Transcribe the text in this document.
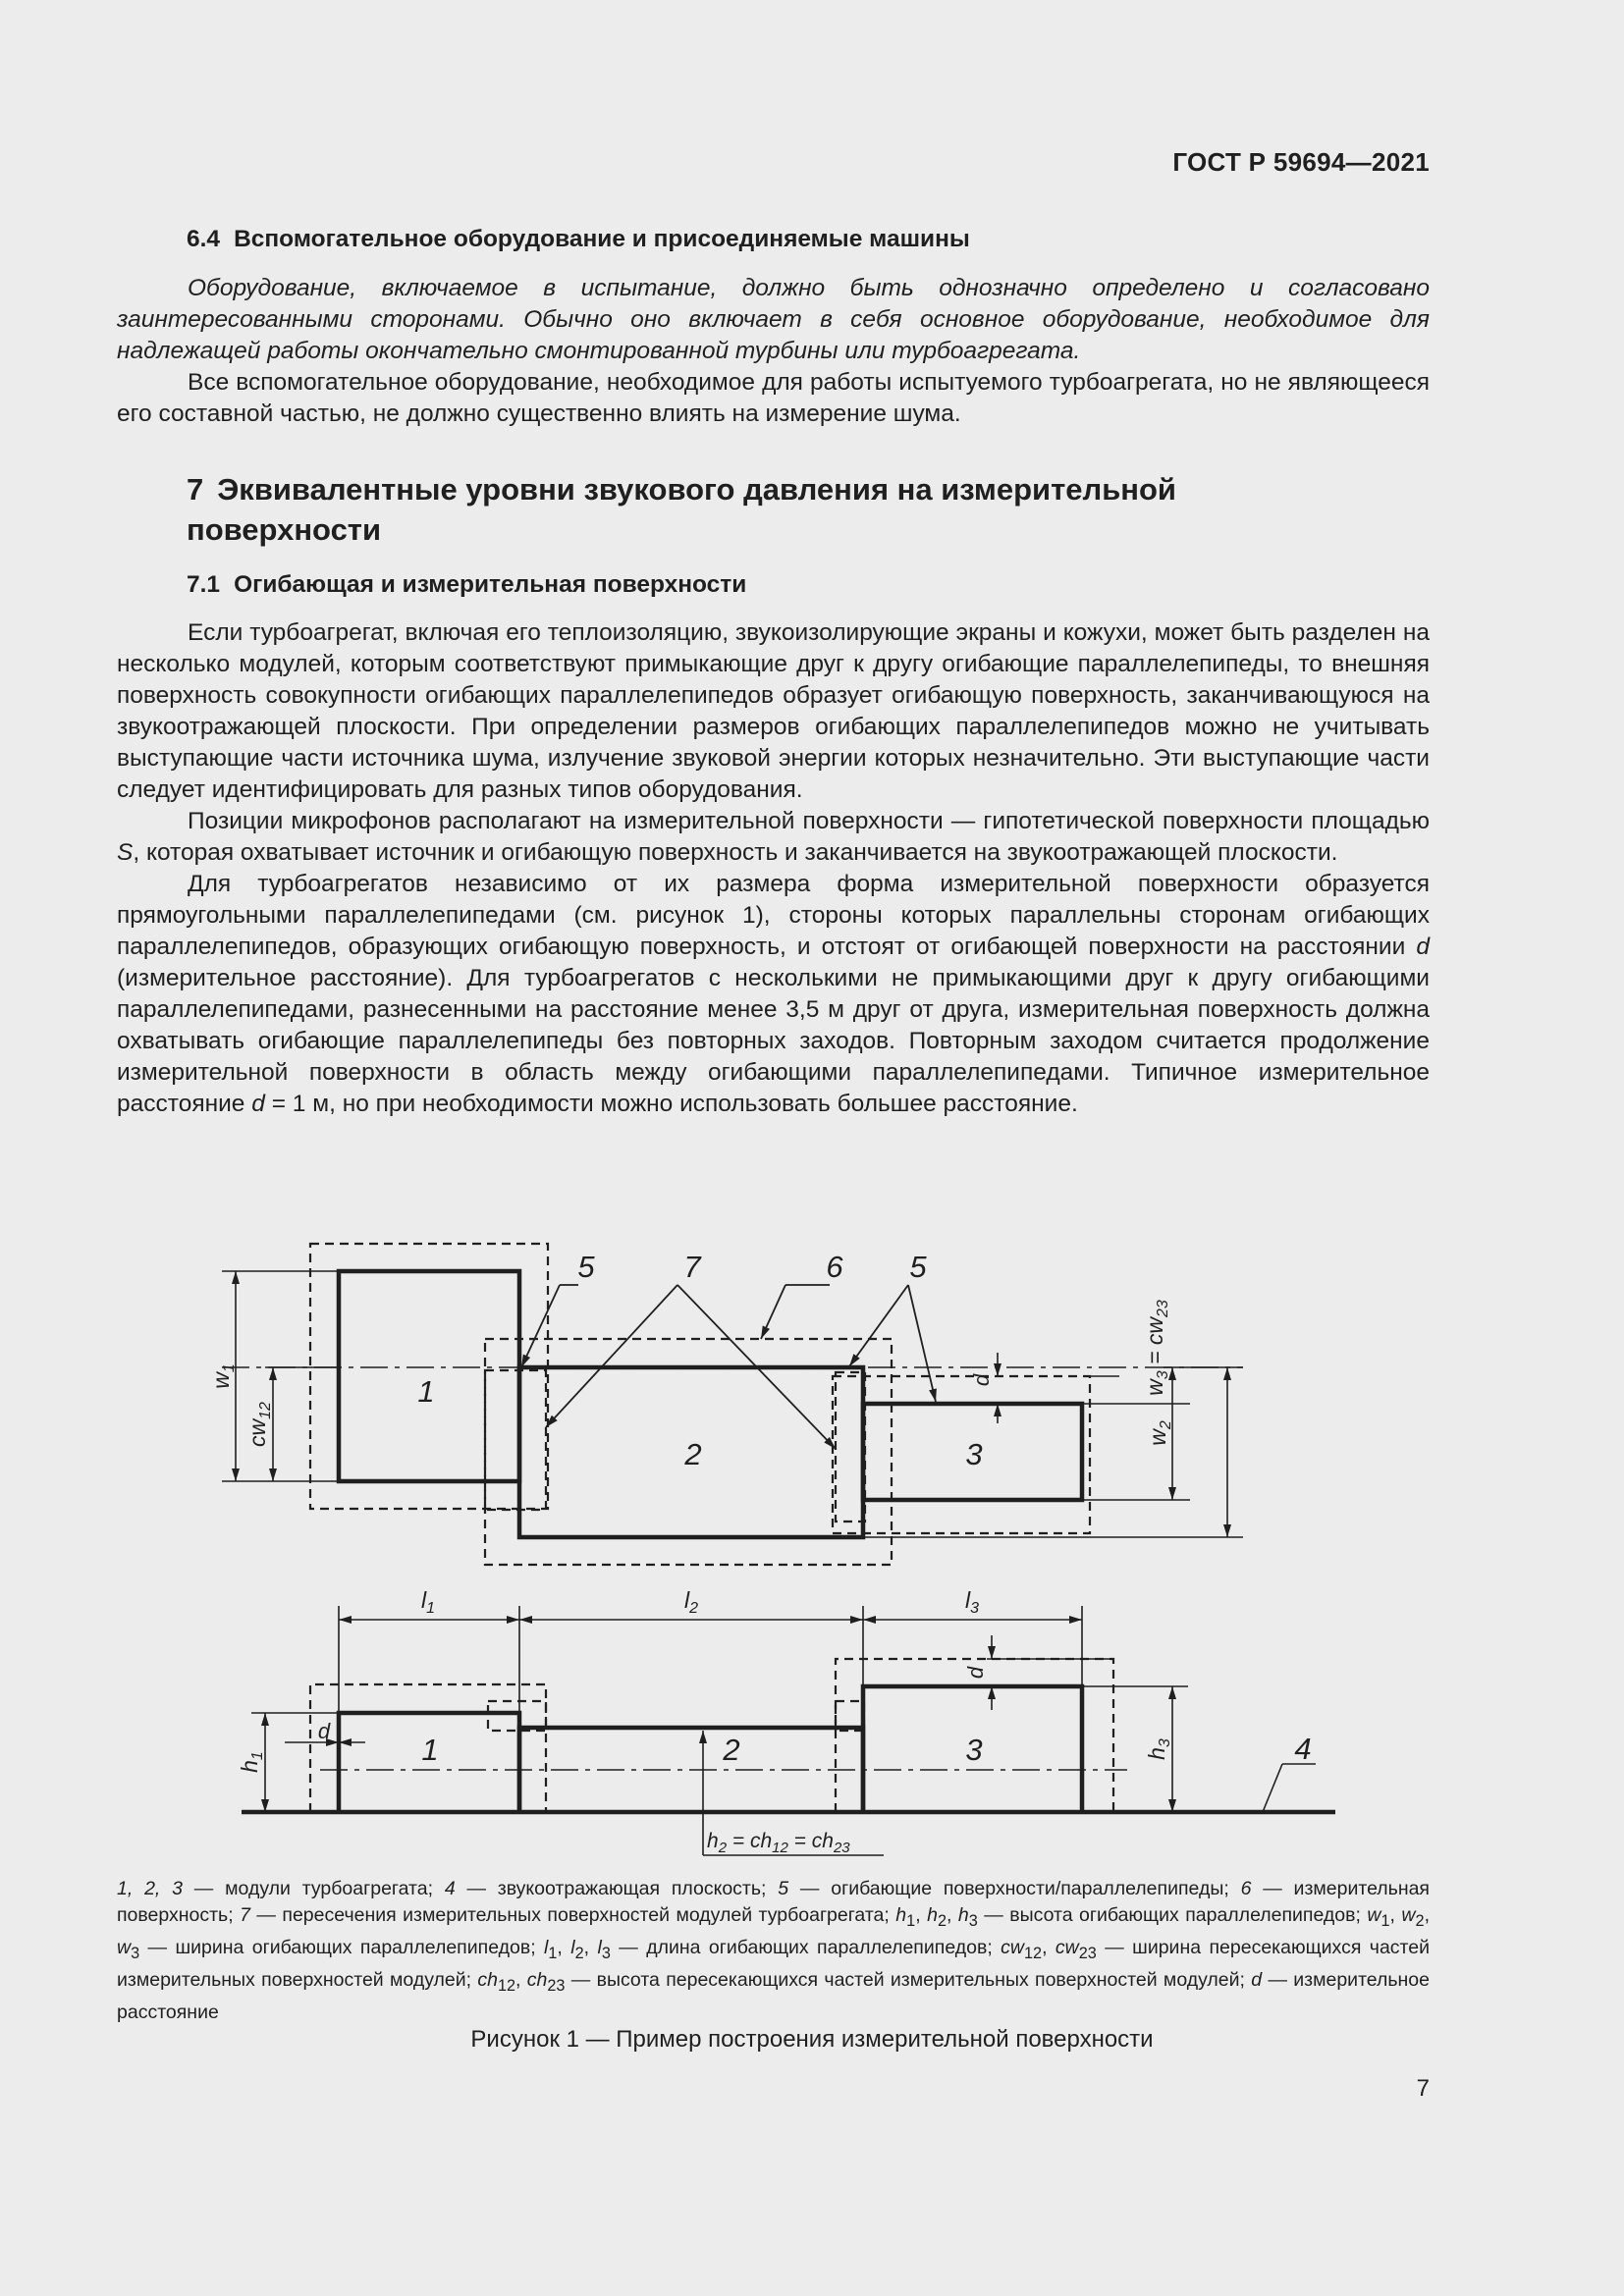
ГОСТ Р 59694—2021
6.4 Вспомогательное оборудование и присоединяемые машины

Оборудование, включаемое в испытание, должно быть однозначно определено и согласовано заинтересованными сторонами. Обычно оно включает в себя основное оборудование, необходимое для надлежащей работы окончательно смонтированной турбины или турбоагрегата.

Все вспомогательное оборудование, необходимое для работы испытуемого турбоагрегата, но не являющееся его составной частью, не должно существенно влиять на измерение шума.

7 Эквивалентные уровни звукового давления на измерительной поверхности
7.1 Огибающая и измерительная поверхности

Если турбоагрегат, включая его теплоизоляцию, звукоизолирующие экраны и кожухи, может быть разделен на несколько модулей, которым соответствуют примыкающие друг к другу огибающие параллелепипеды, то внешняя поверхность совокупности огибающих параллелепипедов образует огибающую поверхность, заканчивающуюся на звукоотражающей плоскости. При определении размеров огибающих параллелепипедов можно не учитывать выступающие части источника шума, излучение звуковой энергии которых незначительно. Эти выступающие части следует идентифицировать для разных типов оборудования.

Позиции микрофонов располагают на измерительной поверхности — гипотетической поверхности площадью S, которая охватывает источник и огибающую поверхность и заканчивается на звукоотражающей плоскости.

Для турбоагрегатов независимо от их размера форма измерительной поверхности образуется прямоугольными параллелепипедами (см. рисунок 1), стороны которых параллельны сторонам огибающих параллелепипедов, образующих огибающую поверхность, и отстоят от огибающей поверхности на расстоянии d (измерительное расстояние). Для турбоагрегатов с несколькими не примыкающими друг к другу огибающими параллелепипедами, разнесенными на расстояние менее 3,5 м друг от друга, измерительная поверхность должна охватывать огибающие параллелепипеды без повторных заходов. Повторным заходом считается продолжение измерительной поверхности в область между огибающими параллелепипедами. Типичное измерительное расстояние d = 1 м, но при необходимости можно использовать большее расстояние.

1
2	3
5	7	6 5
$w_1$
$cw_{12}$
$w_2$
$w_3 = cw_{23}$
d
$l_1$	$l_2$	$l_3$
$h_1$	$h_3$
d
d
1	2	3	4
$h_2 = ch_{12} = ch_{23}$
1, 2, 3 — модули турбоагрегата; 4 — звукоотражающая плоскость; 5 — огибающие поверхности/параллелепипеды; 6 — измерительная поверхность; 7 — пересечения измерительных поверхностей модулей турбоагрегата; $h_1$, $h_2$, $h_3$ — высота огибающих параллелепипедов; $w_1$, $w_2$, $w_3$ — ширина огибающих параллелепипедов; $l_1$, $l_2$, $l_3$ — длина огибающих параллелепипедов; $cw_{12}$, $cw_{23}$ — ширина пересекающихся частей измерительных поверхностей модулей; $ch_{12}$, $ch_{23}$ — высота пересекающихся частей измерительных поверхностей модулей; d — измерительное расстояние
Рисунок 1 — Пример построения измерительной поверхности
7
